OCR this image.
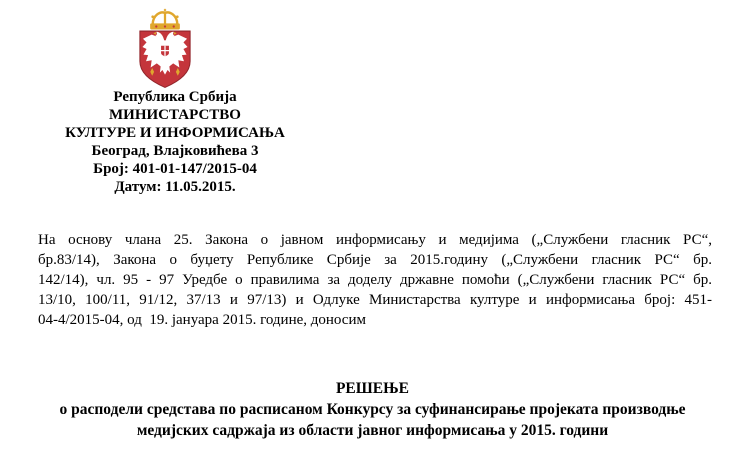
Република Србија
МИНИСТАРСТВО
КУЛТУРЕ И ИНФОРМИСАЊА
Београд, Влајковићева 3
Број: 401-01-147/2015-04
Датум: 11.05.2015.
На основу члана 25. Закона о јавном информисању и медијима („Службени гласник РС“,
бр.83/14), Закона о буџету Републике Србије за 2015.годину („Службени гласник РС“ бр.
142/14), чл. 95 - 97 Уредбе о правилима за доделу државне помоћи („Службени гласник РС“ бр.
13/10, 100/11, 91/12, 37/13 и 97/13) и Одлуке Министарства културе и информисања број: 451-
04-4/2015-04, од  19. јануара 2015. године, доносим
РЕШЕЊЕ
о расподели средстава по расписаном Конкурсу за суфинансирање пројеката производње
медијских садржаја из области јавног информисања у 2015. години
